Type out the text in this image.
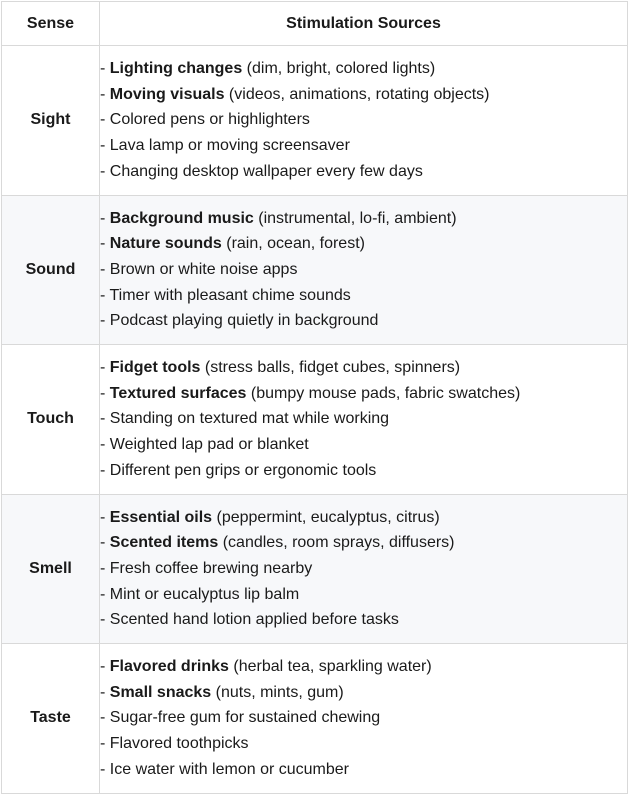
Sense	Stimulation Sources
Sight	- Lighting changes (dim, bright, colored lights)
- Moving visuals (videos, animations, rotating objects)
- Colored pens or highlighters
- Lava lamp or moving screensaver
- Changing desktop wallpaper every few days

Sound	- Background music (instrumental, lo-fi, ambient)
- Nature sounds (rain, ocean, forest)
- Brown or white noise apps
- Timer with pleasant chime sounds
- Podcast playing quietly in background

Touch	- Fidget tools (stress balls, fidget cubes, spinners)
- Textured surfaces (bumpy mouse pads, fabric swatches)
- Standing on textured mat while working
- Weighted lap pad or blanket
- Different pen grips or ergonomic tools

Smell	- Essential oils (peppermint, eucalyptus, citrus)
- Scented items (candles, room sprays, diffusers)
- Fresh coffee brewing nearby
- Mint or eucalyptus lip balm
- Scented hand lotion applied before tasks

Taste	- Flavored drinks (herbal tea, sparkling water)
- Small snacks (nuts, mints, gum)
- Sugar-free gum for sustained chewing
- Flavored toothpicks
- Ice water with lemon or cucumber
